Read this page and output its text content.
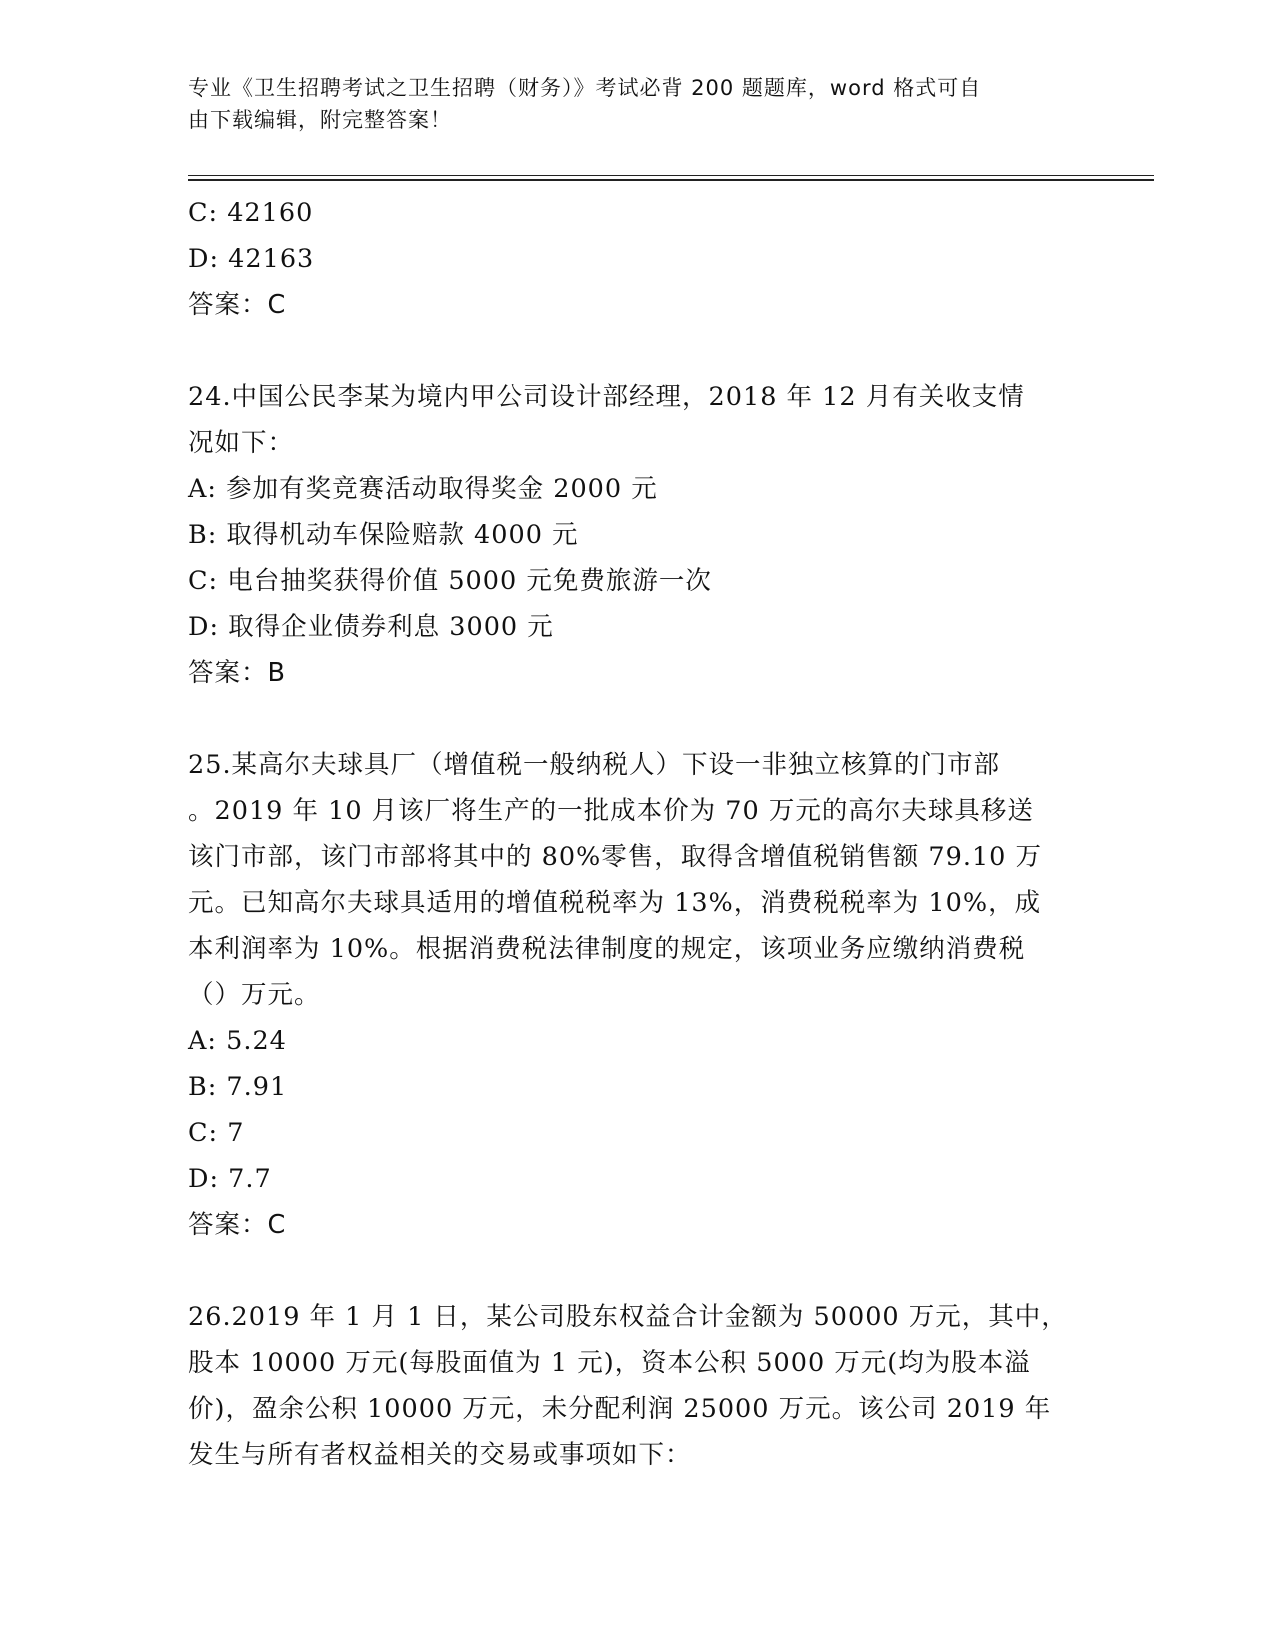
专业《卫生招聘考试之卫生招聘（财务）》考试必背 200 题题库，word 格式可自
由下载编辑，附完整答案！
C: 42160
D: 42163
答案：C
24.中国公民李某为境内甲公司设计部经理，2018 年 12 月有关收支情
况如下：
A: 参加有奖竞赛活动取得奖金 2000 元
B: 取得机动车保险赔款 4000 元
C: 电台抽奖获得价值 5000 元免费旅游一次
D: 取得企业债券利息 3000 元
答案：B
25.某高尔夫球具厂（增值税一般纳税人）下设一非独立核算的门市部
。2019 年 10 月该厂将生产的一批成本价为 70 万元的高尔夫球具移送
该门市部，该门市部将其中的 80%零售，取得含增值税销售额 79.10 万
元。已知高尔夫球具适用的增值税税率为 13%，消费税税率为 10%，成
本利润率为 10%。根据消费税法律制度的规定，该项业务应缴纳消费税
（）万元。
A: 5.24
B: 7.91
C: 7
D: 7.7
答案：C
26.2019 年 1 月 1 日，某公司股东权益合计金额为 50000 万元，其中，
股本 10000 万元(每股面值为 1 元)，资本公积 5000 万元(均为股本溢
价)，盈余公积 10000 万元，未分配利润 25000 万元。该公司 2019 年
发生与所有者权益相关的交易或事项如下：
